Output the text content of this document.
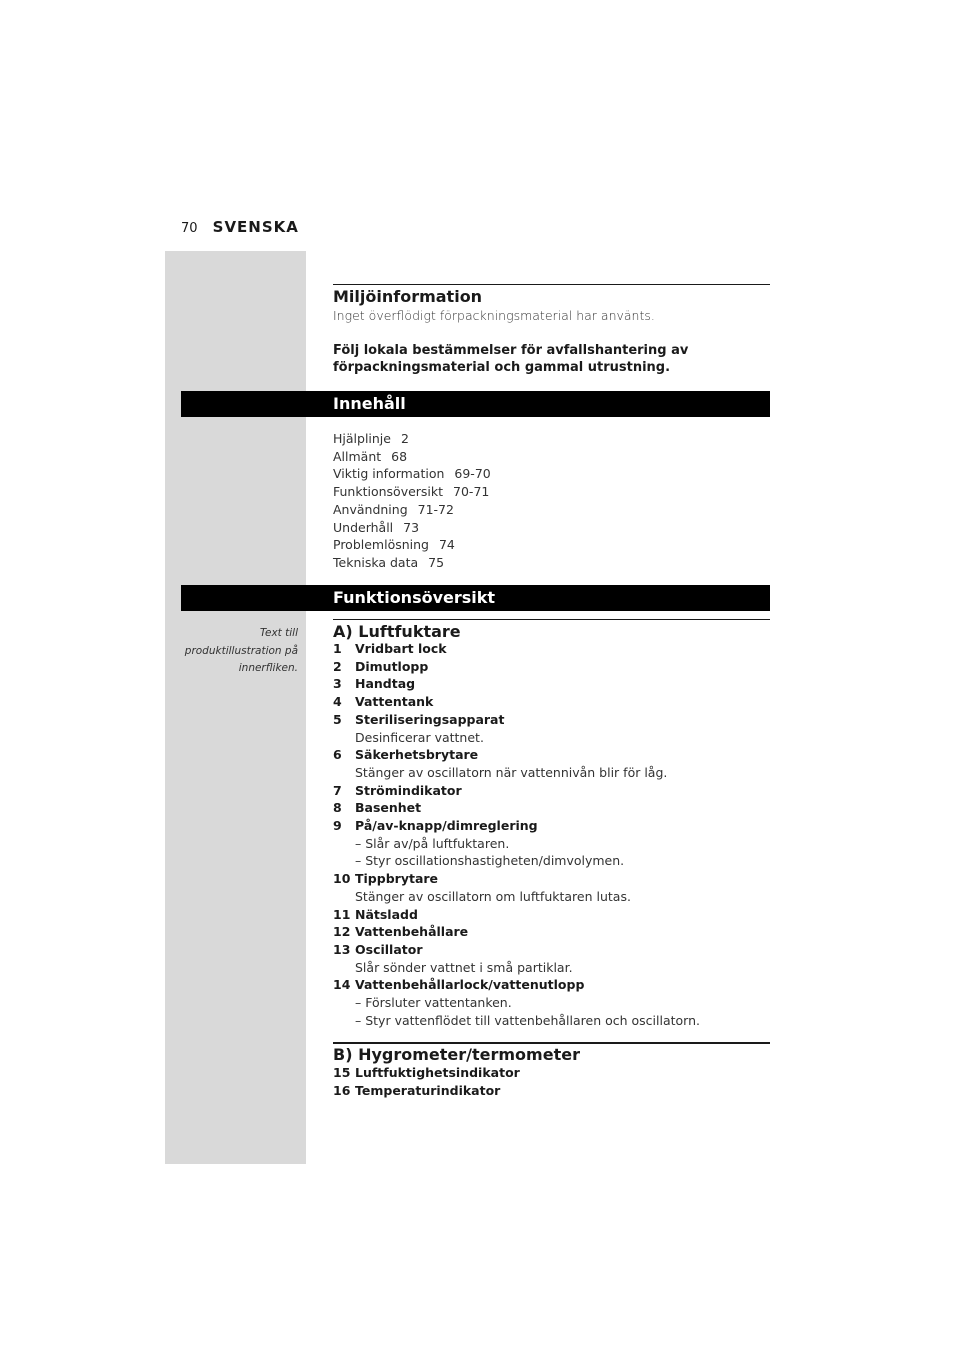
70 SVENSKA
Miljöinformation
Inget överflödigt förpackningsmaterial har använts.
Följ lokala bestämmelser för avfallshantering av förpackningsmaterial och gammal utrustning.
Innehåll
Hjälplinje 2
Allmänt 68
Viktig information 69-70
Funktionsöversikt 70-71
Användning 71-72
Underhåll 73
Problemlösning 74
Tekniska data 75
Funktionsöversikt
Text till
produktillustration på
innerfliken.
A) Luftfuktare
1 Vridbart lock
2 Dimutlopp
3 Handtag
4 Vattentank
5 Steriliseringsapparat
Desinficerar vattnet.
6 Säkerhetsbrytare
Stänger av oscillatorn när vattennivån blir för låg.
7 Strömindikator
8 Basenhet
9 På/av-knapp/dimreglering
– Slår av/på luftfuktaren.
– Styr oscillationshastigheten/dimvolymen.
10 Tippbrytare
Stänger av oscillatorn om luftfuktaren lutas.
11 Nätsladd
12 Vattenbehållare
13 Oscillator
Slår sönder vattnet i små partiklar.
14 Vattenbehållarlock/vattenutlopp
– Försluter vattentanken.
– Styr vattenflödet till vattenbehållaren och oscillatorn.
B) Hygrometer/termometer
15 Luftfuktighetsindikator
16 Temperaturindikator
